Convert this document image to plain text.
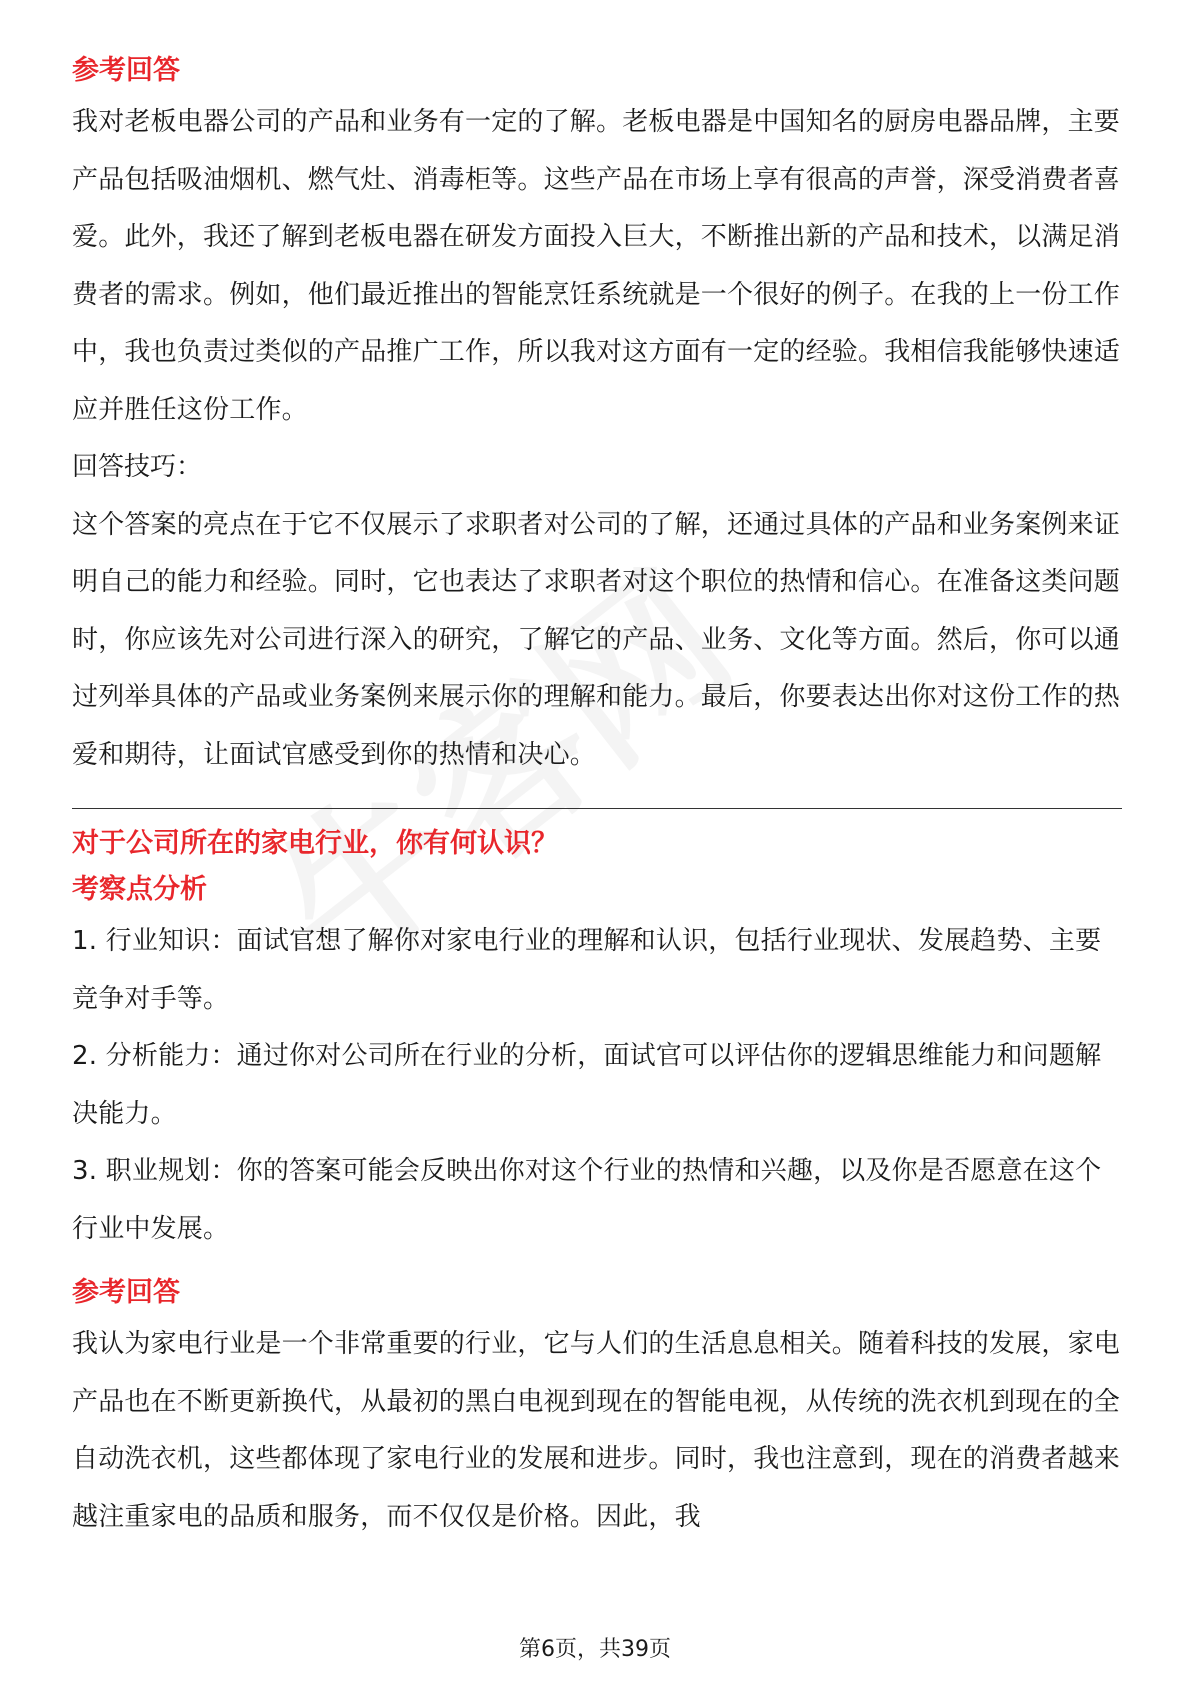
参考回答

我对老板电器公司的产品和业务有一定的了解。老板电器是中国知名的厨房电器品牌，主要产品包括吸油烟机、燃气灶、消毒柜等。这些产品在市场上享有很高的声誉，深受消费者喜爱。此外，我还了解到老板电器在研发方面投入巨大，不断推出新的产品和技术，以满足消费者的需求。例如，他们最近推出的智能烹饪系统就是一个很好的例子。在我的上一份工作中，我也负责过类似的产品推广工作，所以我对这方面有一定的经验。我相信我能够快速适应并胜任这份工作。

回答技巧：

这个答案的亮点在于它不仅展示了求职者对公司的了解，还通过具体的产品和业务案例来证明自己的能力和经验。同时，它也表达了求职者对这个职位的热情和信心。在准备这类问题时，你应该先对公司进行深入的研究，了解它的产品、业务、文化等方面。然后，你可以通过列举具体的产品或业务案例来展示你的理解和能力。最后，你要表达出你对这份工作的热爱和期待，让面试官感受到你的热情和决心。

对于公司所在的家电行业，你有何认识？

考察点分析

1. 行业知识：面试官想了解你对家电行业的理解和认识，包括行业现状、发展趋势、主要竞争对手等。

2. 分析能力：通过你对公司所在行业的分析，面试官可以评估你的逻辑思维能力和问题解决能力。

3. 职业规划：你的答案可能会反映出你对这个行业的热情和兴趣，以及你是否愿意在这个行业中发展。

参考回答

我认为家电行业是一个非常重要的行业，它与人们的生活息息相关。随着科技的发展，家电产品也在不断更新换代，从最初的黑白电视到现在的智能电视，从传统的洗衣机到现在的全自动洗衣机，这些都体现了家电行业的发展和进步。同时，我也注意到，现在的消费者越来越注重家电的品质和服务，而不仅仅是价格。因此，我

第6页，共39页
